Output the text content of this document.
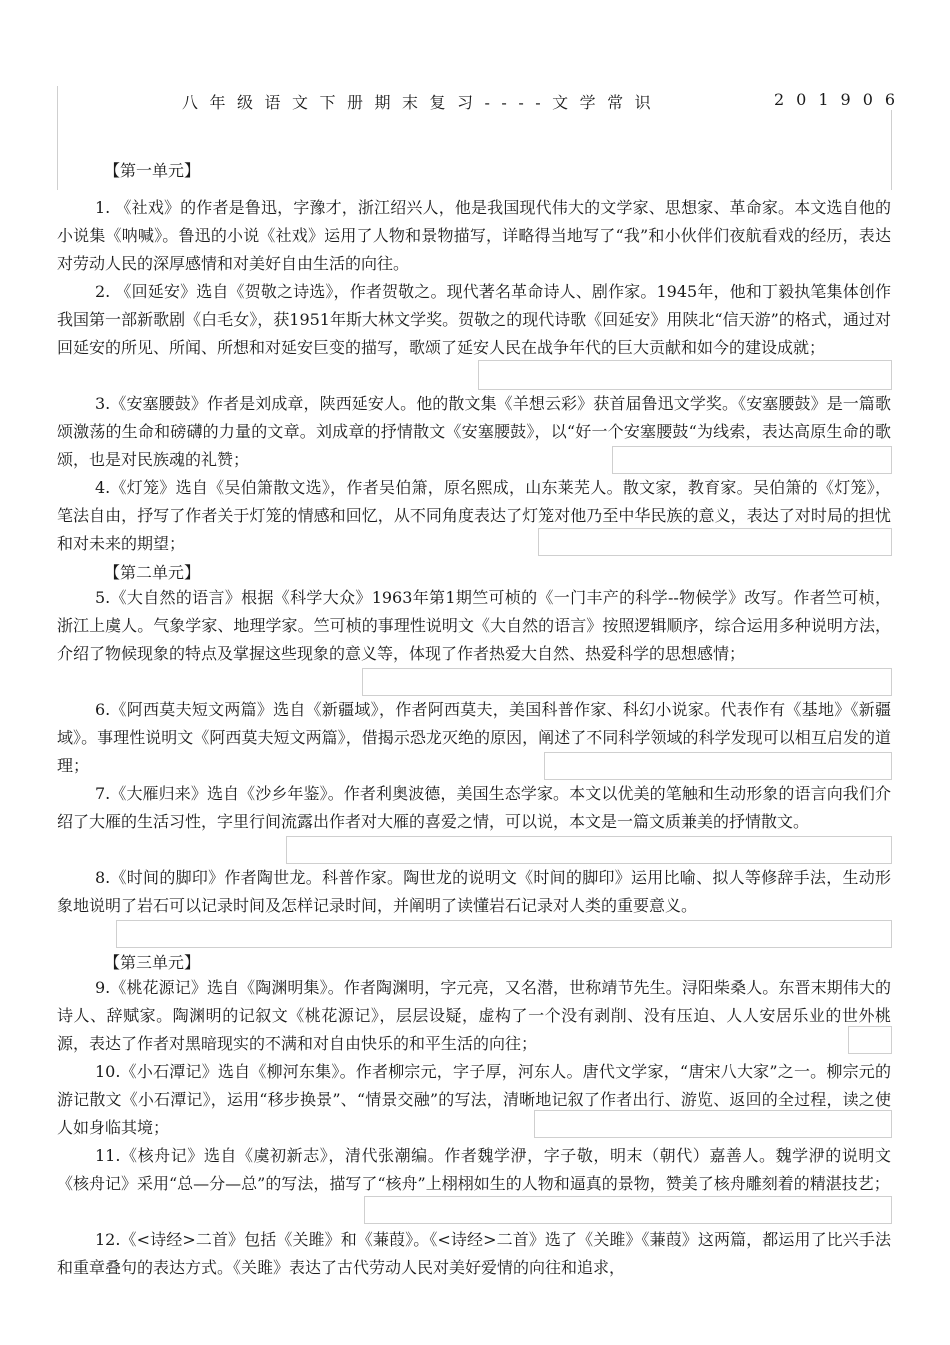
八年级语文下册期末复习----文学常识	201906
【第一单元】
1. 《社戏》的作者是鲁迅，字豫才，浙江绍兴人，他是我国现代伟大的文学家、思想家、革命家。本文选自他的小说集《呐喊》。鲁迅的小说《社戏》运用了人物和景物描写，详略得当地写了“我”和小伙伴们夜航看戏的经历，表达对劳动人民的深厚感情和对美好自由生活的向往。
2. 《回延安》选自《贺敬之诗选》，作者贺敬之。现代著名革命诗人、剧作家。1945年，他和丁毅执笔集体创作我国第一部新歌剧《白毛女》，获1951年斯大林文学奖。贺敬之的现代诗歌《回延安》用陕北“信天游”的格式，通过对回延安的所见、所闻、所想和对延安巨变的描写，歌颂了延安人民在战争年代的巨大贡献和如今的建设成就；
3.《安塞腰鼓》作者是刘成章，陕西延安人。他的散文集《羊想云彩》获首届鲁迅文学奖。《安塞腰鼓》是一篇歌颂激荡的生命和磅礴的力量的文章。刘成章的抒情散文《安塞腰鼓》，以“好一个安塞腰鼓“为线索，表达高原生命的歌颂，也是对民族魂的礼赞；
4.《灯笼》选自《吴伯箫散文选》，作者吴伯箫，原名熙成，山东莱芜人。散文家，教育家。吴伯箫的《灯笼》，笔法自由，抒写了作者关于灯笼的情感和回忆，从不同角度表达了灯笼对他乃至中华民族的意义，表达了对时局的担忧和对未来的期望；
【第二单元】
5.《大自然的语言》根据《科学大众》1963年第1期竺可桢的《一门丰产的科学--物候学》改写。作者竺可桢，浙江上虞人。气象学家、地理学家。竺可桢的事理性说明文《大自然的语言》按照逻辑顺序，综合运用多种说明方法，介绍了物候现象的特点及掌握这些现象的意义等，体现了作者热爱大自然、热爱科学的思想感情；
6.《阿西莫夫短文两篇》选自《新疆域》，作者阿西莫夫，美国科普作家、科幻小说家。代表作有《基地》《新疆域》。事理性说明文《阿西莫夫短文两篇》，借揭示恐龙灭绝的原因，阐述了不同科学领域的科学发现可以相互启发的道理；
7.《大雁归来》选自《沙乡年鉴》。作者利奥波德，美国生态学家。本文以优美的笔触和生动形象的语言向我们介绍了大雁的生活习性，字里行间流露出作者对大雁的喜爱之情，可以说，本文是一篇文质兼美的抒情散文。
8.《时间的脚印》作者陶世龙。科普作家。陶世龙的说明文《时间的脚印》运用比喻、拟人等修辞手法，生动形象地说明了岩石可以记录时间及怎样记录时间，并阐明了读懂岩石记录对人类的重要意义。
【第三单元】
9.《桃花源记》选自《陶渊明集》。作者陶渊明，字元亮，又名潜，世称靖节先生。浔阳柴桑人。东晋末期伟大的诗人、辞赋家。陶渊明的记叙文《桃花源记》，层层设疑，虚构了一个没有剥削、没有压迫、人人安居乐业的世外桃源，表达了作者对黑暗现实的不满和对自由快乐的和平生活的向往；
10.《小石潭记》选自《柳河东集》。作者柳宗元，字子厚，河东人。唐代文学家，“唐宋八大家”之一。柳宗元的游记散文《小石潭记》，运用“移步换景”、“情景交融”的写法，清晰地记叙了作者出行、游览、返回的全过程，读之使人如身临其境；
11.《核舟记》选自《虞初新志》，清代张潮编。作者魏学洢，字子敬，明末（朝代）嘉善人。魏学洢的说明文《核舟记》采用“总—分—总”的写法，描写了“核舟”上栩栩如生的人物和逼真的景物，赞美了核舟雕刻着的精湛技艺；
12.《<诗经>二首》包括《关雎》和《蒹葭》。《<诗经>二首》选了《关雎》《蒹葭》这两篇，都运用了比兴手法和重章叠句的表达方式。《关雎》表达了古代劳动人民对美好爱情的向往和追求，
